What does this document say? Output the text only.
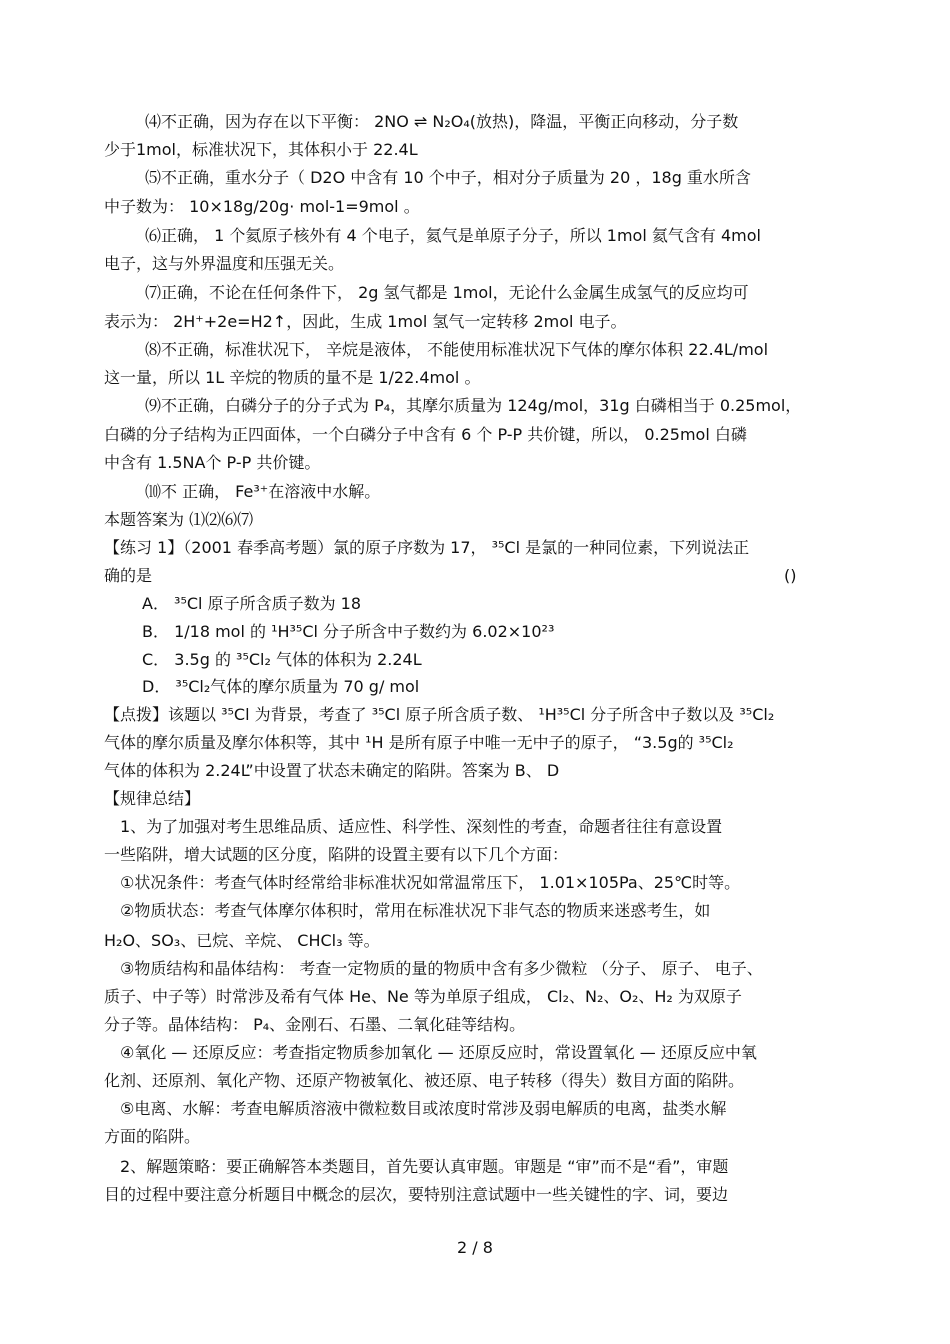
⑷不正确，因为存在以下平衡： 2NO ⇌ N₂O₄(放热)，降温，平衡正向移动，分子数
少于1mol，标准状况下，其体积小于 22.4L
⑸不正确，重水分子（ D2O 中含有 10 个中子，相对分子质量为 20 ，18g 重水所含
中子数为： 10×18g/20g· mol-1=9mol 。
⑹正确， 1 个氦原子核外有 4 个电子，氦气是单原子分子，所以 1mol 氦气含有 4mol
电子，这与外界温度和压强无关。
⑺正确，不论在任何条件下， 2g 氢气都是 1mol，无论什么金属生成氢气的反应均可
表示为： 2H⁺+2e=H2↑，因此，生成 1mol 氢气一定转移 2mol 电子。
⑻不正确，标准状况下， 辛烷是液体， 不能使用标准状况下气体的摩尔体积 22.4L/mol
这一量，所以 1L 辛烷的物质的量不是 1/22.4mol 。
⑼不正确，白磷分子的分子式为 P₄，其摩尔质量为 124g/mol，31g 白磷相当于 0.25mol，
白磷的分子结构为正四面体，一个白磷分子中含有 6 个 P-P 共价键，所以， 0.25mol 白磷
中含有 1.5NA个 P-P 共价键。
⑽不 正确， Fe³⁺在溶液中水解。
本题答案为 ⑴⑵⑹⑺
【练习 1】（2001 春季高考题）氯的原子序数为 17， ³⁵Cl 是氯的一种同位素，下列说法正
确的是	()
A． ³⁵Cl 原子所含质子数为 18
B． 1/18 mol 的 ¹H³⁵Cl 分子所含中子数约为 6.02×10²³
C． 3.5g 的 ³⁵Cl₂ 气体的体积为 2.24L
D． ³⁵Cl₂气体的摩尔质量为 70 g/ mol
【点拨】该题以 ³⁵Cl 为背景，考查了 ³⁵Cl 原子所含质子数、 ¹H³⁵Cl 分子所含中子数以及 ³⁵Cl₂
气体的摩尔质量及摩尔体积等，其中 ¹H 是所有原子中唯一无中子的原子， “3.5g的 ³⁵Cl₂
气体的体积为 2.24L”中设置了状态未确定的陷阱。答案为 B、 D
【规律总结】
1、为了加强对考生思维品质、适应性、科学性、深刻性的考查，命题者往往有意设置
一些陷阱，增大试题的区分度，陷阱的设置主要有以下几个方面：
①状况条件：考查气体时经常给非标准状况如常温常压下， 1.01×105Pa、25℃时等。
②物质状态：考查气体摩尔体积时，常用在标准状况下非气态的物质来迷惑考生，如
H₂O、SO₃、已烷、辛烷、 CHCl₃ 等。
③物质结构和晶体结构： 考查一定物质的量的物质中含有多少微粒 （分子、 原子、 电子、
质子、中子等）时常涉及希有气体 He、Ne 等为单原子组成， Cl₂、N₂、O₂、H₂ 为双原子
分子等。晶体结构： P₄、金刚石、石墨、二氧化硅等结构。
④氧化 — 还原反应：考查指定物质参加氧化 — 还原反应时，常设置氧化 — 还原反应中氧
化剂、还原剂、氧化产物、还原产物被氧化、被还原、电子转移（得失）数目方面的陷阱。
⑤电离、水解：考查电解质溶液中微粒数目或浓度时常涉及弱电解质的电离，盐类水解
方面的陷阱。
2、解题策略：要正确解答本类题目，首先要认真审题。审题是 “审”而不是“看”，审题
目的过程中要注意分析题目中概念的层次，要特别注意试题中一些关键性的字、词，要边
2 / 8
